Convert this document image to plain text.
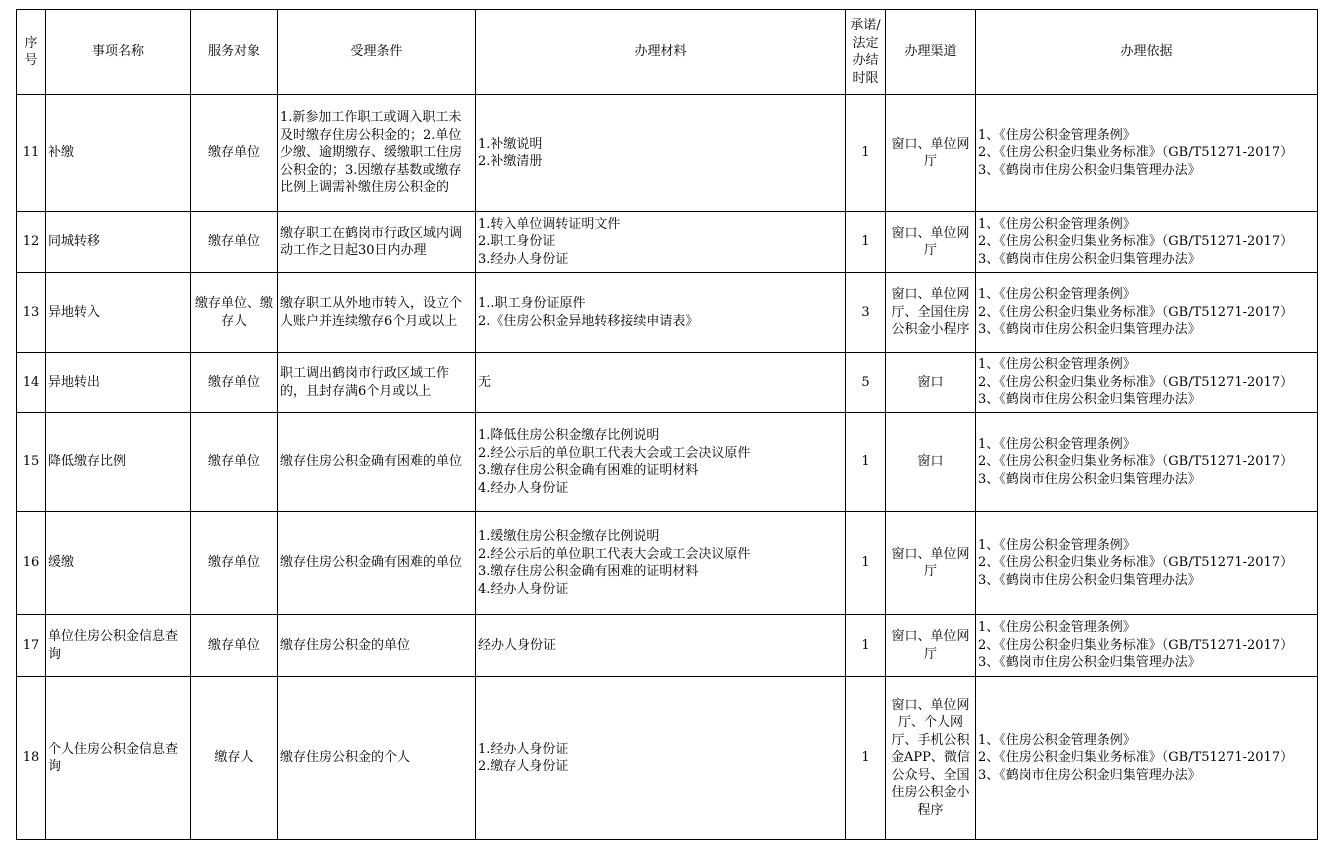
序号	事项名称	服务对象	受理条件	办理材料	承诺/法定办结时限	办理渠道	办理依据
11	补缴	缴存单位	1.新参加工作职工或调入职工未及时缴存住房公积金的；2.单位少缴、逾期缴存、缓缴职工住房公积金的；3.因缴存基数或缴存比例上调需补缴住房公积金的	1.补缴说明
2.补缴清册	1	窗口、单位网厅	1、《住房公积金管理条例》
2、《住房公积金归集业务标准》（GB/T51271-2017）
3、《鹤岗市住房公积金归集管理办法》
12	同城转移	缴存单位	缴存职工在鹤岗市行政区域内调动工作之日起30日内办理	1.转入单位调转证明文件
2.职工身份证
3.经办人身份证	1	窗口、单位网厅	1、《住房公积金管理条例》
2、《住房公积金归集业务标准》（GB/T51271-2017）
3、《鹤岗市住房公积金归集管理办法》
13	异地转入	缴存单位、缴存人	缴存职工从外地市转入，设立个人账户并连续缴存6个月或以上	1..职工身份证原件
2.《住房公积金异地转移接续申请表》	3	窗口、单位网厅、全国住房公积金小程序	1、《住房公积金管理条例》
2、《住房公积金归集业务标准》（GB/T51271-2017）
3、《鹤岗市住房公积金归集管理办法》
14	异地转出	缴存单位	职工调出鹤岗市行政区域工作的，且封存满6个月或以上	无	5	窗口	1、《住房公积金管理条例》
2、《住房公积金归集业务标准》（GB/T51271-2017）
3、《鹤岗市住房公积金归集管理办法》
15	降低缴存比例	缴存单位	缴存住房公积金确有困难的单位	1.降低住房公积金缴存比例说明
2.经公示后的单位职工代表大会或工会决议原件
3.缴存住房公积金确有困难的证明材料
4.经办人身份证	1	窗口	1、《住房公积金管理条例》
2、《住房公积金归集业务标准》（GB/T51271-2017）
3、《鹤岗市住房公积金归集管理办法》
16	缓缴	缴存单位	缴存住房公积金确有困难的单位	1.缓缴住房公积金缴存比例说明
2.经公示后的单位职工代表大会或工会决议原件
3.缴存住房公积金确有困难的证明材料
4.经办人身份证	1	窗口、单位网厅	1、《住房公积金管理条例》
2、《住房公积金归集业务标准》（GB/T51271-2017）
3、《鹤岗市住房公积金归集管理办法》
17	单位住房公积金信息查询	缴存单位	缴存住房公积金的单位	经办人身份证	1	窗口、单位网厅	1、《住房公积金管理条例》
2、《住房公积金归集业务标准》（GB/T51271-2017）
3、《鹤岗市住房公积金归集管理办法》
18	个人住房公积金信息查询	缴存人	缴存住房公积金的个人	1.经办人身份证
2.缴存人身份证	1	窗口、单位网厅、个人网厅、手机公积金APP、微信公众号、全国住房公积金小程序	1、《住房公积金管理条例》
2、《住房公积金归集业务标准》（GB/T51271-2017）
3、《鹤岗市住房公积金归集管理办法》
